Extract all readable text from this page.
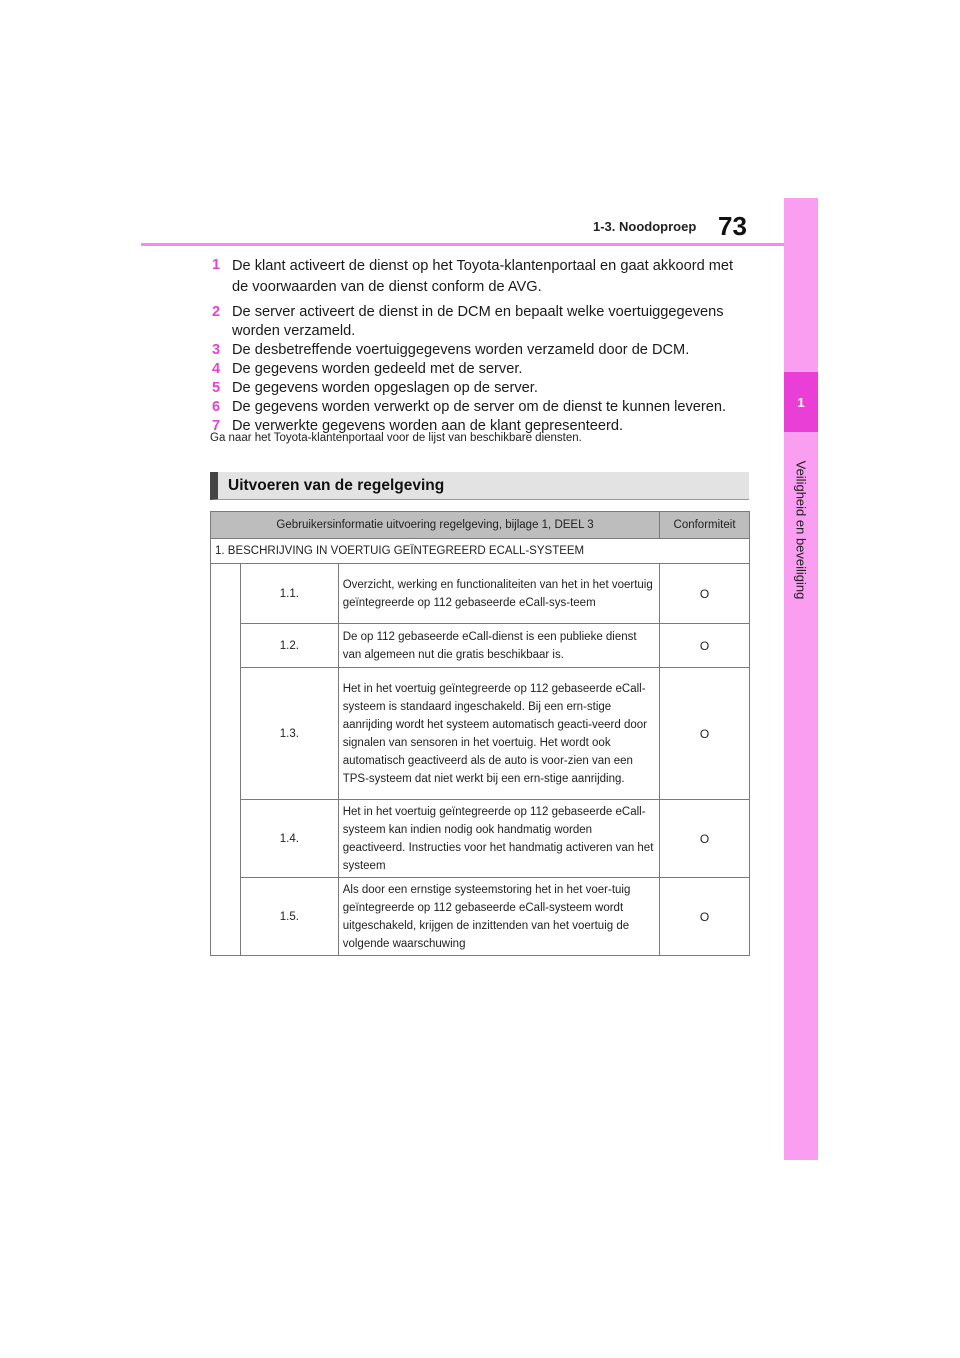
73
1-3. Noodoproep
1
Veiligheid en beveiliging
1 De klant activeert de dienst op het Toyota-klantenportaal en gaat akkoord met de voorwaarden van de dienst conform de AVG.
2 De server activeert de dienst in de DCM en bepaalt welke voertuiggegevens worden verzameld.
3 De desbetreffende voertuiggegevens worden verzameld door de DCM.
4 De gegevens worden gedeeld met de server.
5 De gegevens worden opgeslagen op de server.
6 De gegevens worden verwerkt op de server om de dienst te kunnen leveren.
7 De verwerkte gegevens worden aan de klant gepresenteerd.
Ga naar het Toyota-klantenportaal voor de lijst van beschikbare diensten.
Uitvoeren van de regelgeving
Gebruikersinformatie uitvoering regelgeving, bijlage 1, DEEL 3			Conformiteit
1. BESCHRIJVING IN VOERTUIG GEÏNTEGREERD ECALL-SYSTEEM			
	1.1.	Overzicht, werking en functionaliteiten van het in het voertuig geïntegreerde op 112 gebaseerde eCall-sys-teem	O
	1.2.	De op 112 gebaseerde eCall-dienst is een publieke dienst van algemeen nut die gratis beschikbaar is.	O
	1.3.	Het in het voertuig geïntegreerde op 112 gebaseerde eCall-systeem is standaard ingeschakeld. Bij een ern-stige aanrijding wordt het systeem automatisch geacti-veerd door signalen van sensoren in het voertuig. Het wordt ook automatisch geactiveerd als de auto is voor-zien van een TPS-systeem dat niet werkt bij een ern-stige aanrijding.	O
	1.4.	Het in het voertuig geïntegreerde op 112 gebaseerde eCall-systeem kan indien nodig ook handmatig worden geactiveerd. Instructies voor het handmatig activeren van het systeem	O
	1.5.	Als door een ernstige systeemstoring het in het voer-tuig geïntegreerde op 112 gebaseerde eCall-systeem wordt uitgeschakeld, krijgen de inzittenden van het voertuig de volgende waarschuwing	O
